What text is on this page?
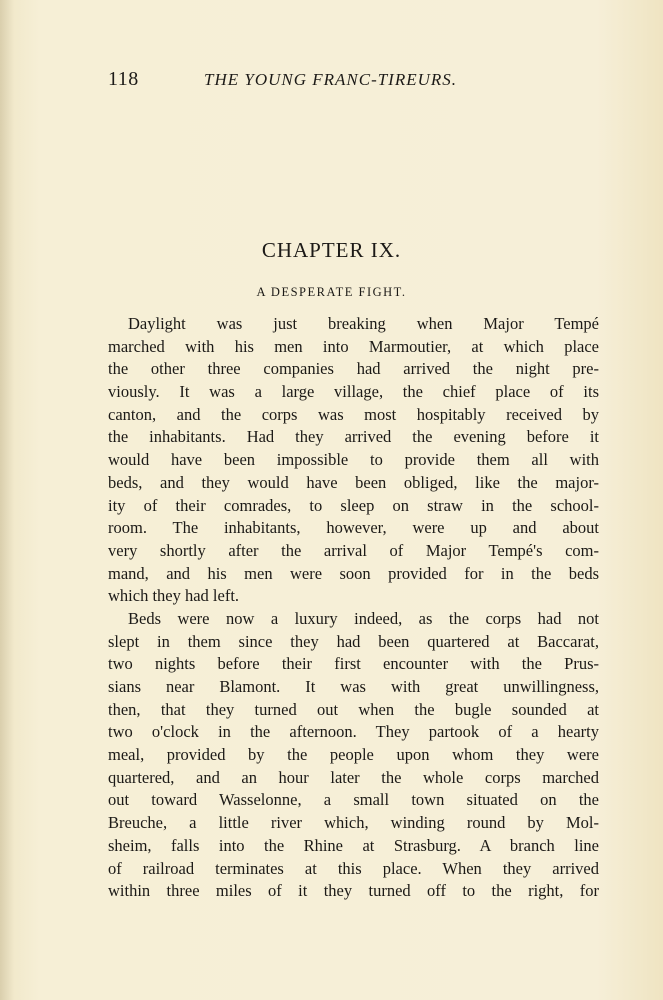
118	THE YOUNG FRANC-TIREURS.
CHAPTER IX.
A DESPERATE FIGHT.
Daylight was just breaking when Major Tempé
marched with his men into Marmoutier, at which place
the other three companies had arrived the night pre-
viously. It was a large village, the chief place of its
canton, and the corps was most hospitably received by
the inhabitants. Had they arrived the evening before it
would have been impossible to provide them all with
beds, and they would have been obliged, like the major-
ity of their comrades, to sleep on straw in the school-
room. The inhabitants, however, were up and about
very shortly after the arrival of Major Tempé's com-
mand, and his men were soon provided for in the beds
which they had left.
Beds were now a luxury indeed, as the corps had not
slept in them since they had been quartered at Baccarat,
two nights before their first encounter with the Prus-
sians near Blamont. It was with great unwillingness,
then, that they turned out when the bugle sounded at
two o'clock in the afternoon. They partook of a hearty
meal, provided by the people upon whom they were
quartered, and an hour later the whole corps marched
out toward Wasselonne, a small town situated on the
Breuche, a little river which, winding round by Mol-
sheim, falls into the Rhine at Strasburg. A branch line
of railroad terminates at this place. When they arrived
within three miles of it they turned off to the right, for
